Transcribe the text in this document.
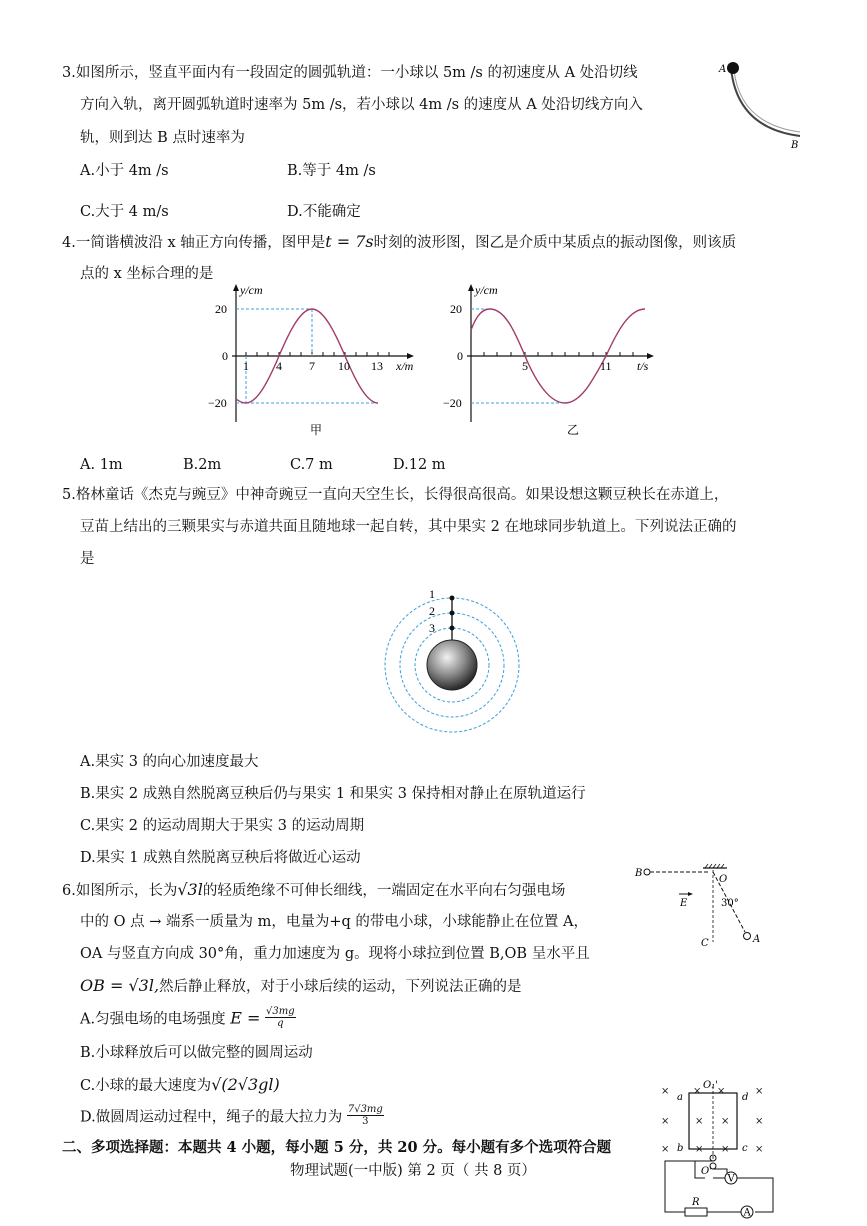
3.如图所示，竖直平面内有一段固定的圆弧轨道：一小球以 5m /s 的初速度从 A 处沿切线
方向入轨，离开圆弧轨道时速率为 5m /s，若小球以 4m /s 的速度从 A 处沿切线方向入
轨，则到达 B 点时速率为
A.小于 4m /s	B.等于 4m /s
C.大于 4 m/s	D.不能确定
A
B
4.一简谐横波沿 x 轴正方向传播，图甲是t = 7s时刻的波形图，图乙是介质中某质点的振动图像，则该质
点的 x 坐标合理的是
y/cm
x/m
20
0
−20
1 4 7 10 13
甲
y/cm
t/s
20
0
−20
5	11
乙
A. 1m	B.2m	C.7 m	D.12 m
5.格林童话《杰克与豌豆》中神奇豌豆一直向天空生长，长得很高很高。如果设想这颗豆秧长在赤道上，
豆苗上结出的三颗果实与赤道共面且随地球一起自转，其中果实 2 在地球同步轨道上。下列说法正确的
是
1
2
3
A.果实 3 的向心加速度最大
B.果实 2 成熟自然脱离豆秧后仍与果实 1 和果实 3 保持相对静止在原轨道运行
C.果实 2 的运动周期大于果实 3 的运动周期
D.果实 1 成熟自然脱离豆秧后将做近心运动
6.如图所示，长为√3l的轻质绝缘不可伸长细线，一端固定在水平向右匀强电场
中的 O 点 → 端系一质量为 m，电量为+q 的带电小球，小球能静止在位置 A，
OA 与竖直方向成 30°角，重力加速度为 g。现将小球拉到位置 B,OB 呈水平且
OB = √3l,然后静止释放，对于小球后续的运动，下列说法正确的是
A.匀强电场的电场强度 $E = \frac{√3mg}{q}$
B.小球释放后可以做完整的圆周运动
C.小球的最大速度为√(2√3gl)
D.做圆周运动过程中，绳子的最大拉力为 $\frac{7√3mg}{3}$
B
O
30°
E
C	A
二、多项选择题：本题共 4 小题，每小题 5 分，共 20 分。每小题有多个选项符合题
×	×
×	×
×	×
×
×
×
×
×
×
a	d
b	c
O₁'
O'
V
R
A
物理试题(一中版) 第 2 页（ 共 8 页）
